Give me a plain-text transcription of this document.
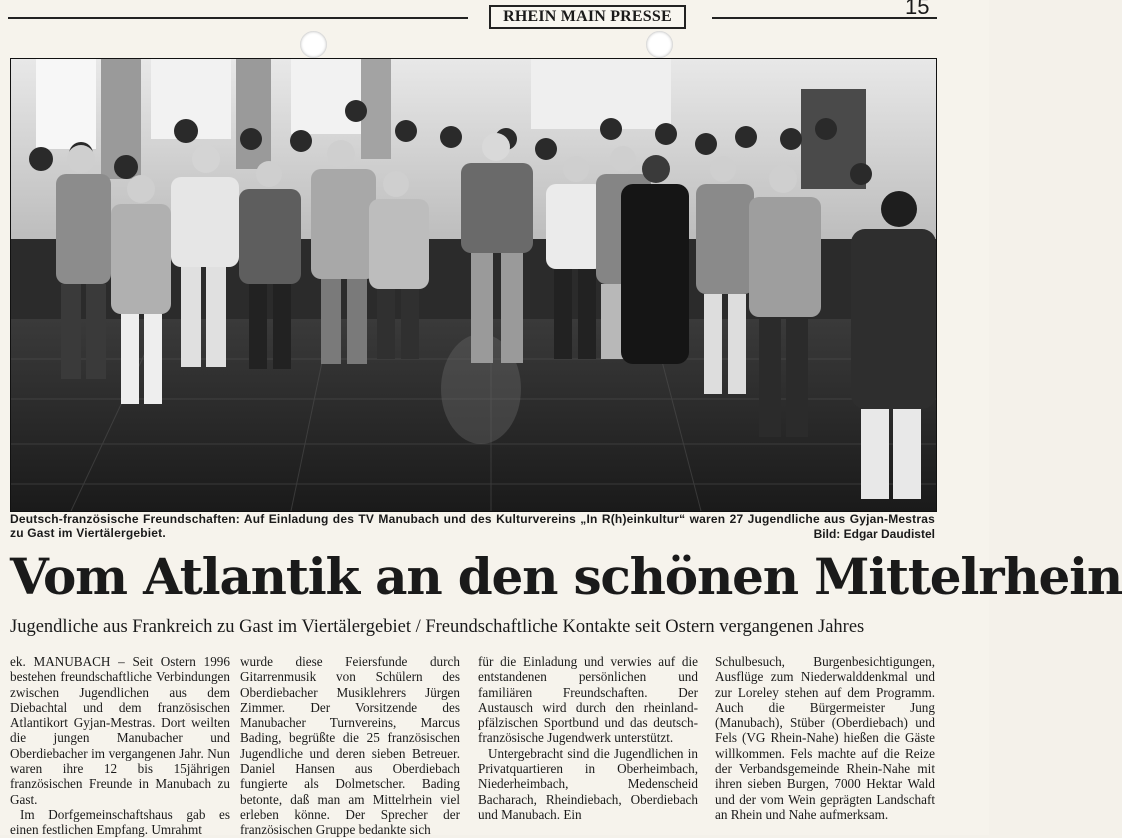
RHEIN MAIN PRESSE	15
Deutsch-französische Freundschaften: Auf Einladung des TV Manubach und des Kulturvereins „In R(h)einkultur“ waren 27 Jugendliche aus Gyjan-Mestras zu Gast im Viertälergebiet.	Bild: Edgar Daudistel
Vom Atlantik an den schönen Mittelrhein
Jugendliche aus Frankreich zu Gast im Viertälergebiet / Freundschaftliche Kontakte seit Ostern vergangenen Jahres

ek. MANUBACH – Seit Ostern 1996 bestehen freundschaftliche Verbindungen zwischen Jugendlichen aus dem Diebachtal und dem französischen Atlantikort Gyjan-Mestras. Dort weilten die jungen Manubacher und Oberdiebacher im vergangenen Jahr. Nun waren ihre 12 bis 15jährigen französischen Freunde in Manubach zu Gast.

Im Dorfgemeinschaftshaus gab es einen festlichen Empfang. Umrahmt

wurde diese Feiersfunde durch Gitarrenmusik von Schülern des Oberdiebacher Musiklehrers Jürgen Zimmer. Der Vorsitzende des Manubacher Turnvereins, Marcus Bading, begrüßte die 25 französischen Jugendliche und deren sieben Betreuer. Daniel Hansen aus Oberdiebach fungierte als Dolmetscher. Bading betonte, daß man am Mittelrhein viel erleben könne. Der Sprecher der französischen Gruppe bedankte sich

für die Einladung und verwies auf die entstandenen persönlichen und familiären Freundschaften. Der Austausch wird durch den rheinland-pfälzischen Sportbund und das deutsch-französische Jugendwerk unterstützt.

Untergebracht sind die Jugendlichen in Privatquartieren in Oberheimbach, Niederheimbach, Medenscheid Bacharach, Rheindiebach, Oberdiebach und Manubach. Ein

Schulbesuch, Burgenbesichtigungen, Ausflüge zum Niederwalddenkmal und zur Loreley stehen auf dem Programm. Auch die Bürgermeister Jung (Manubach), Stüber (Oberdiebach) und Fels (VG Rhein-Nahe) hießen die Gäste willkommen. Fels machte auf die Reize der Verbandsgemeinde Rhein-Nahe mit ihren sieben Burgen, 7000 Hektar Wald und der vom Wein geprägten Landschaft an Rhein und Nahe aufmerksam.
